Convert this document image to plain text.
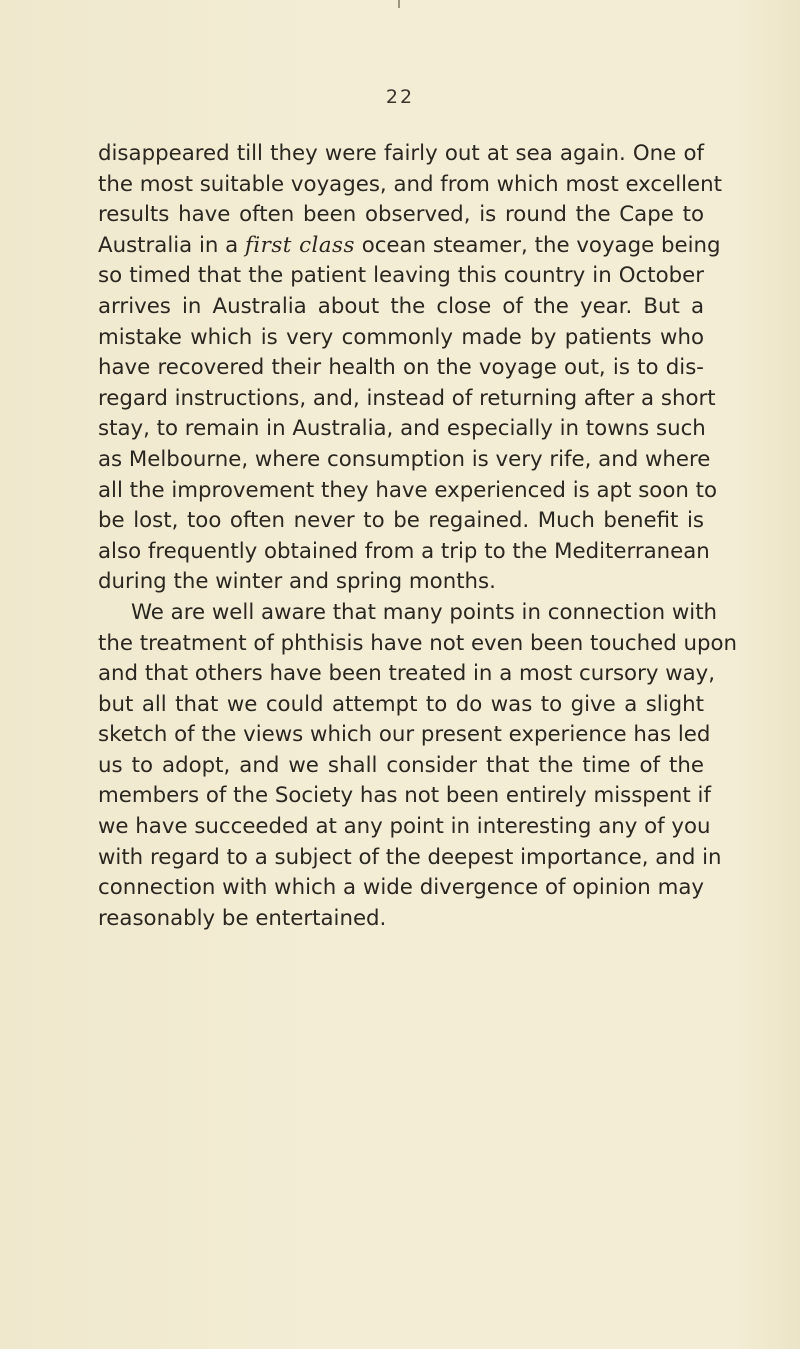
22
disappeared till they were fairly out at sea again. One of
the most suitable voyages, and from which most excellent
results have often been observed, is round the Cape to
Australia in a first class ocean steamer, the voyage being
so timed that the patient leaving this country in October
arrives in Australia about the close of the year. But a
mistake which is very commonly made by patients who
have recovered their health on the voyage out, is to dis-
regard instructions, and, instead of returning after a short
stay, to remain in Australia, and especially in towns such
as Melbourne, where consumption is very rife, and where
all the improvement they have experienced is apt soon to
be lost, too often never to be regained. Much benefit is
also frequently obtained from a trip to the Mediterranean
during the winter and spring months.
We are well aware that many points in connection with
the treatment of phthisis have not even been touched upon
and that others have been treated in a most cursory way,
but all that we could attempt to do was to give a slight
sketch of the views which our present experience has led
us to adopt, and we shall consider that the time of the
members of the Society has not been entirely misspent if
we have succeeded at any point in interesting any of you
with regard to a subject of the deepest importance, and in
connection with which a wide divergence of opinion may
reasonably be entertained.
